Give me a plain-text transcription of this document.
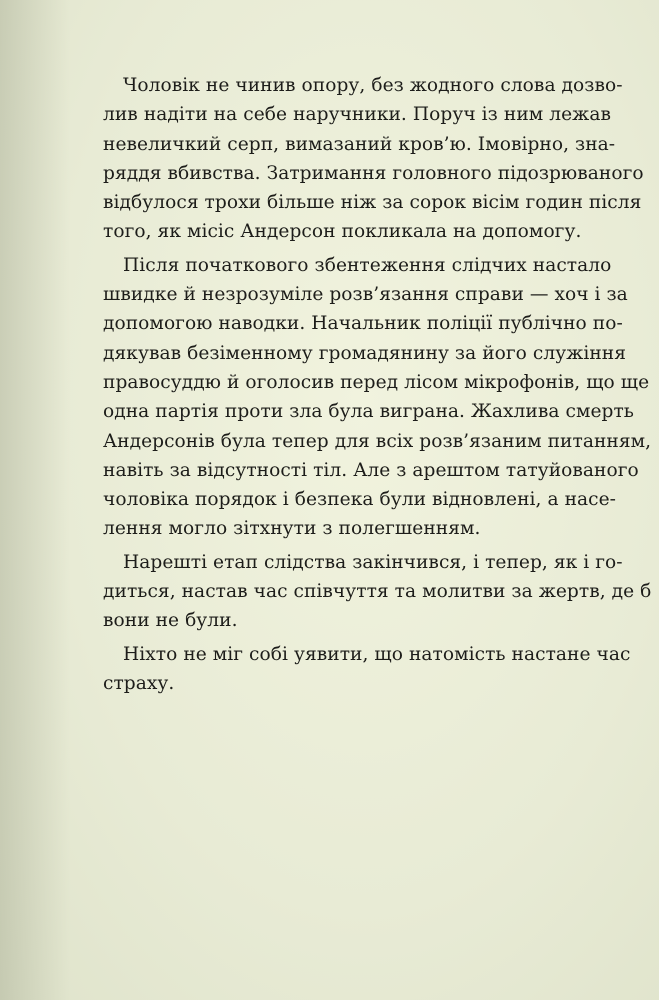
Чоловік не чинив опору, без жодного слова дозво-
лив надіти на себе наручники. Поруч із ним лежав
невеличкий серп, вимазаний кров’ю. Імовірно, зна-
ряддя вбивства. Затримання головного підозрюваного
відбулося трохи більше ніж за сорок вісім годин після
того, як місіс Андерсон покликала на допомогу.

Після початкового збентеження слідчих настало
швидке й незрозуміле розв’язання справи — хоч і за
допомогою наводки. Начальник поліції публічно по-
дякував безіменному громадянину за його служіння
правосуддю й оголосив перед лісом мікрофонів, що ще
одна партія проти зла була виграна. Жахлива смерть
Андерсонів була тепер для всіх розв’язаним питанням,
навіть за відсутності тіл. Але з арештом татуйованого
чоловіка порядок і безпека були відновлені, а насе-
лення могло зітхнути з полегшенням.

Нарешті етап слідства закінчився, і тепер, як і го-
диться, настав час співчуття та молитви за жертв, де б
вони не були.

Ніхто не міг собі уявити, що натомість настане час
страху.
